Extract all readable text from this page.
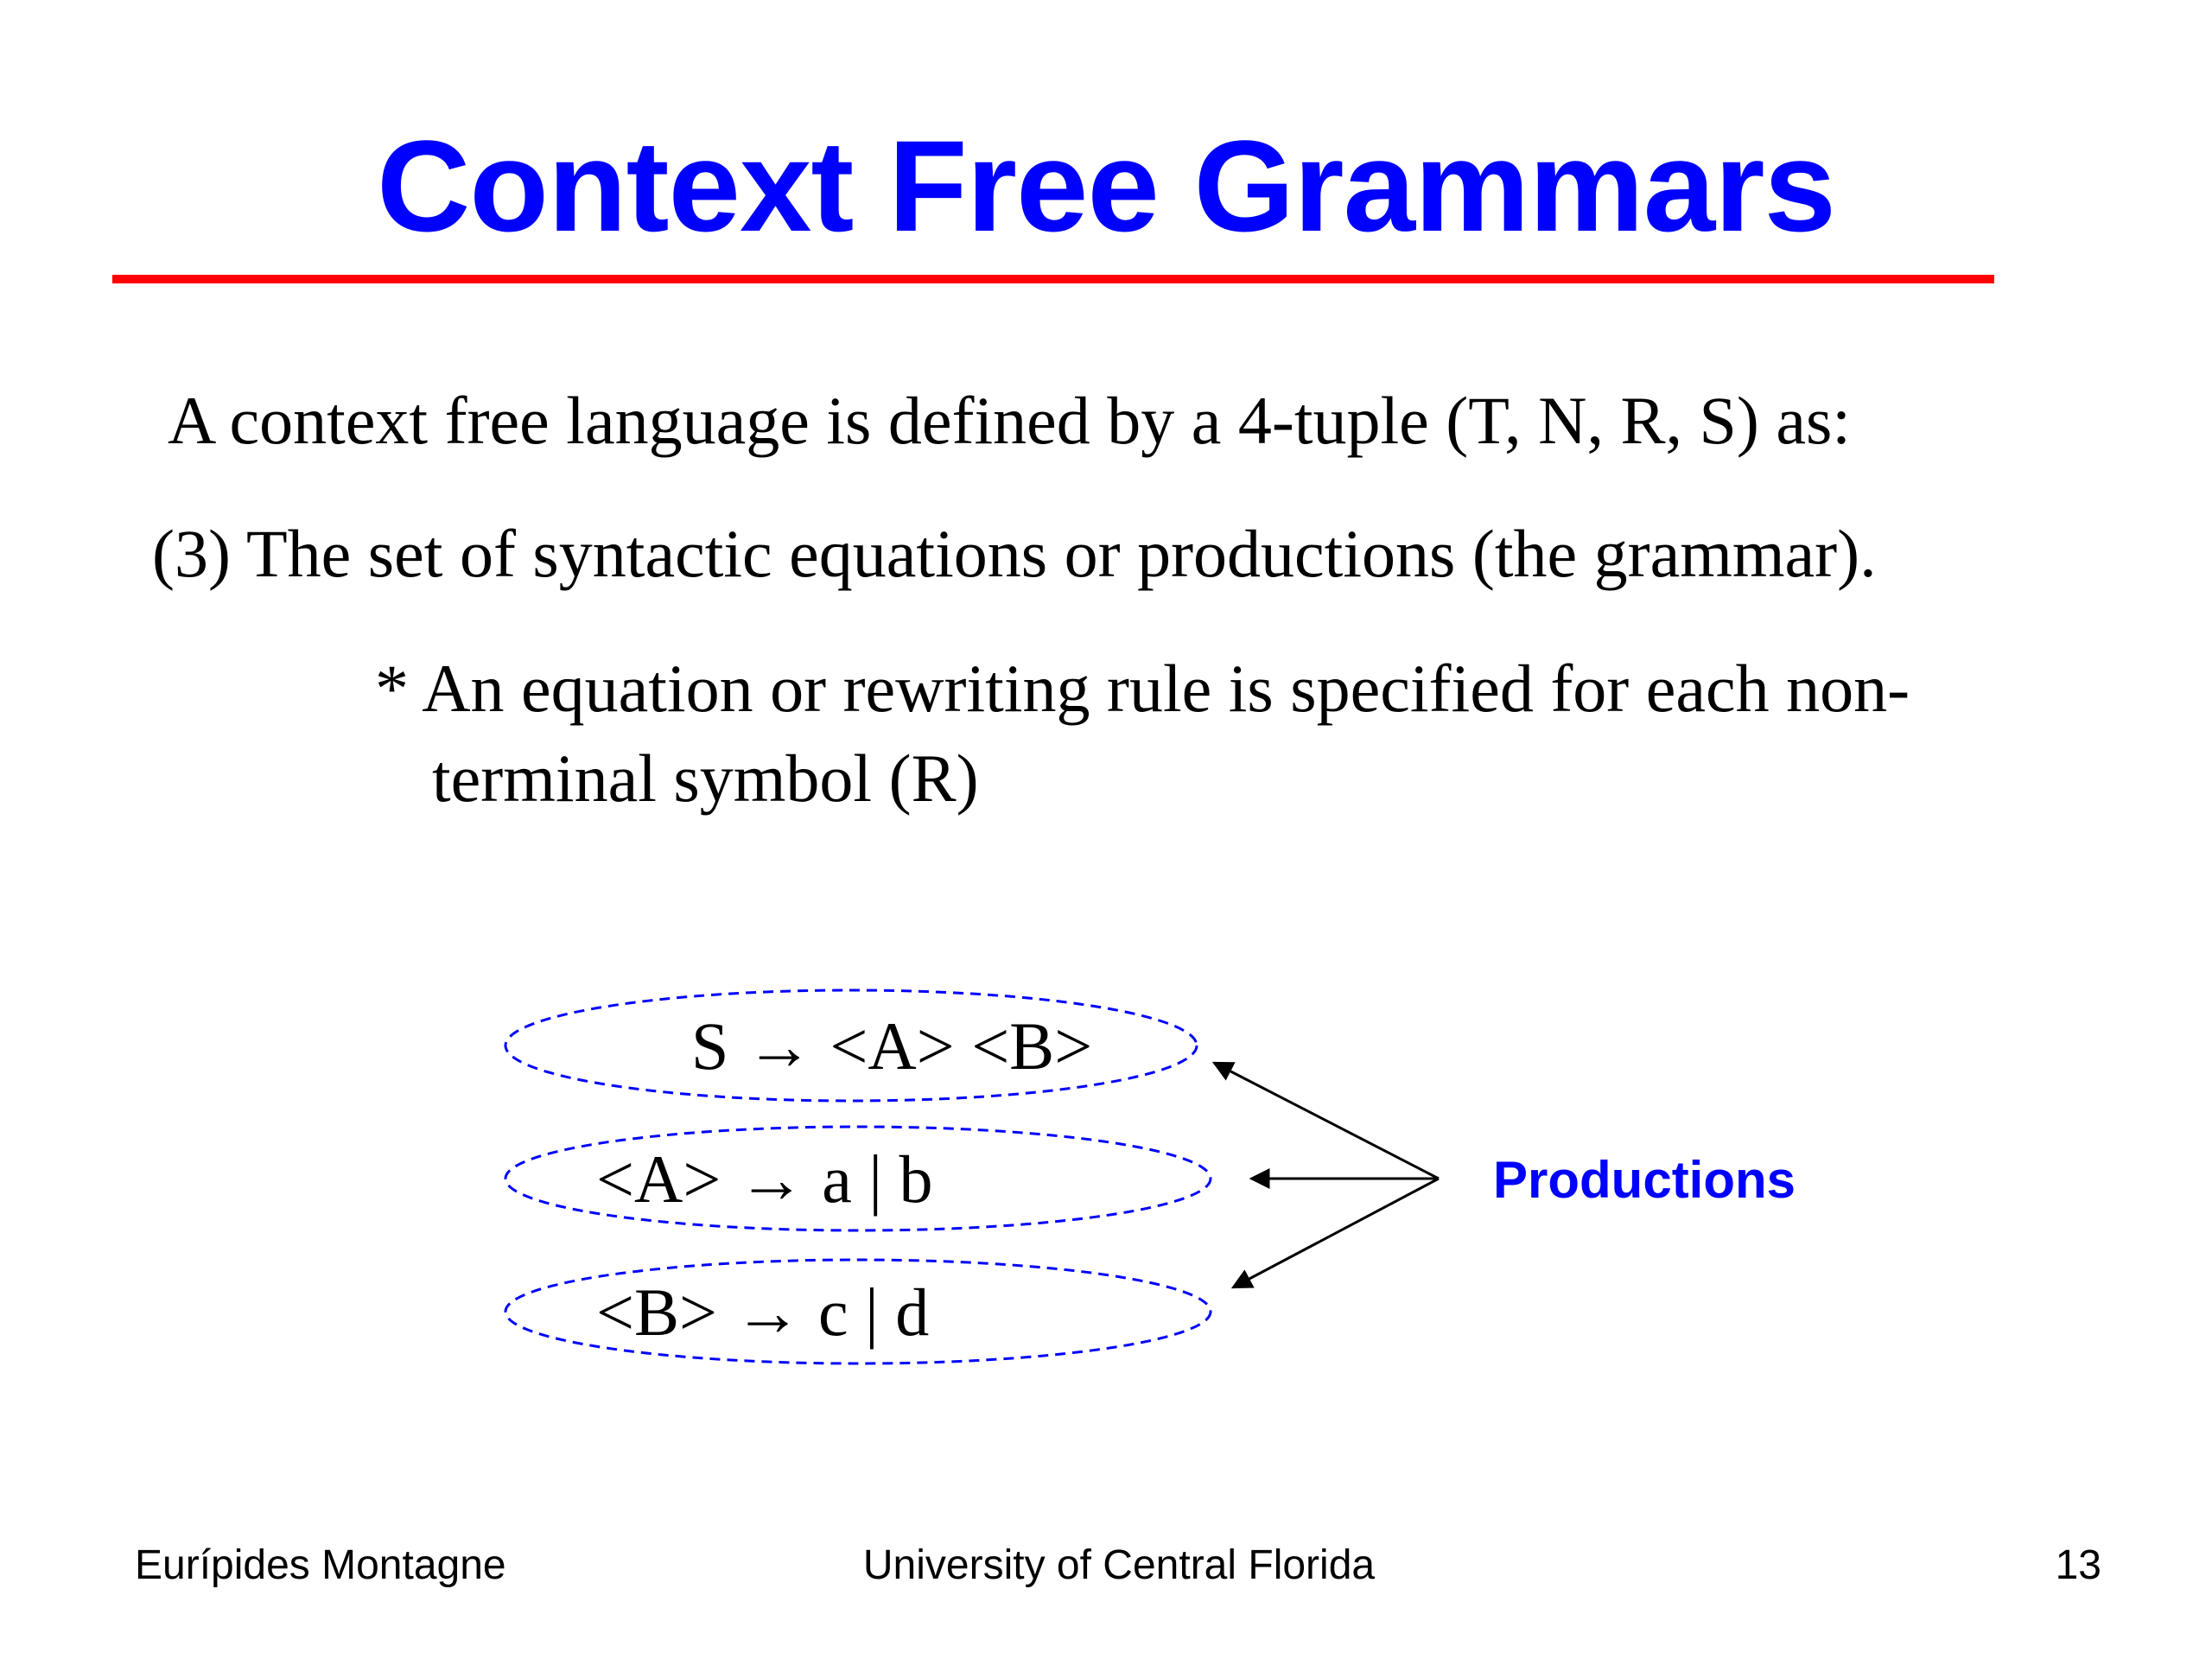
Context Free Grammars
A context free language is defined by a 4-tuple (T, N, R, S) as:
(3) The set of syntactic equations or productions (the grammar).
* An equation or rewriting rule is specified for each non-
terminal symbol (R)
S → <A> <B>
<A> → a | b
<B> → c | d
Productions
Eurípides Montagne	University of Central Florida	13
